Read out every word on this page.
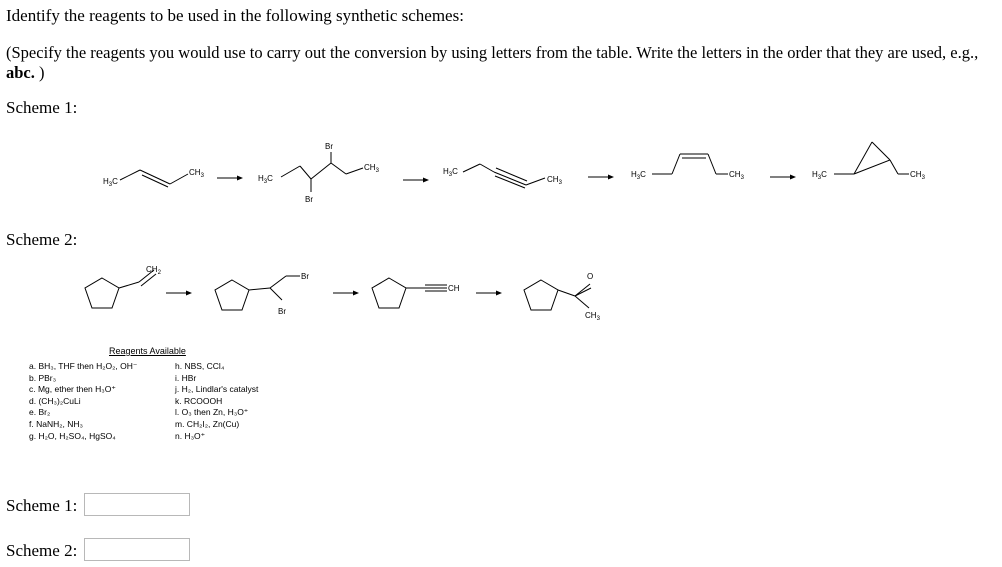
Identify the reagents to be used in the following synthetic schemes:
(Specify the reagents you would use to carry out the conversion by using letters from the table. Write the letters in the order that they are used, e.g., abc. )
Scheme 1:
$H_3C$
$CH_3$	$H_3C$
Br
Br
$CH_3$	$H_3C$
$CH_3$
$H_3C$	$CH_3$	$H_3C$	$CH_3$
Scheme 2:
$CH_2$	Br
Br
CH
O
$CH_3$
Reagents Available
a. BH₃, THF then H₂O₂, OH⁻
b. PBr₃
c. Mg, ether then H₃O⁺
d. (CH₃)₂CuLi
e. Br₂
f. NaNH₂, NH₃
g. H₂O, H₂SO₄, HgSO₄
h. NBS, CCl₄
i. HBr
j. H₂, Lindlar's catalyst
k. RCOOOH
l. O₃ then Zn, H₃O⁺
m. CH₂I₂, Zn(Cu)
n. H₃O⁺
Scheme 1:
Scheme 2:
